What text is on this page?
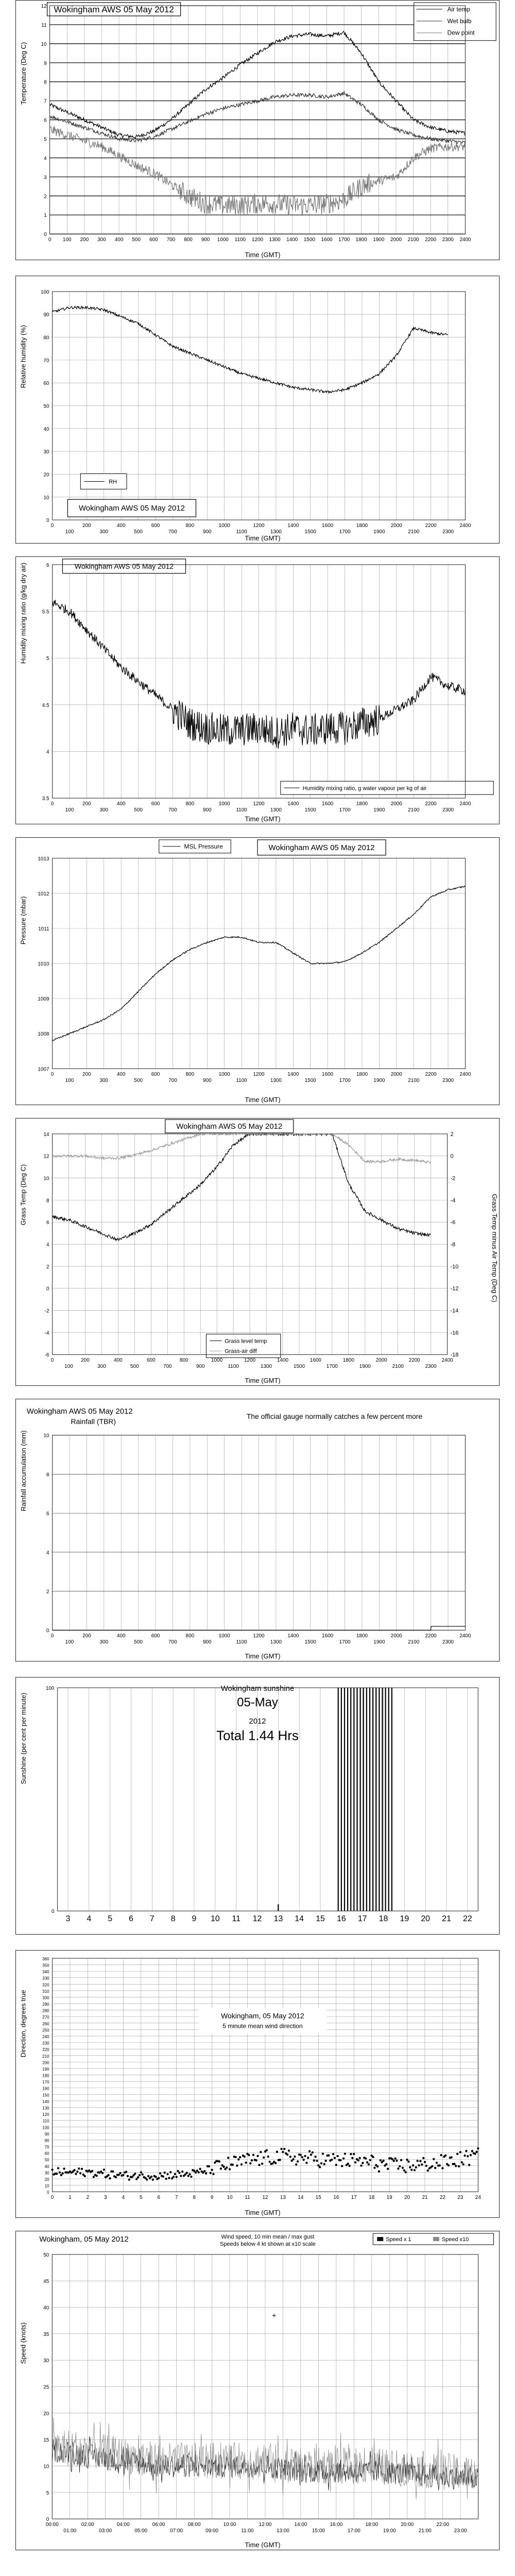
Wokingham AWS 05 May 2012	Air temp
Wet bulb
Dew point
Temperature (Deg C)
Time (GMT)
0 100 200 300 400 500 600 700 800 900 1000 1100 1200 1300 1400 1500 1600 1700 1800 1900 2000 2100 2200 2300 2400
0
1
2
3
4
5
6
7
8
9
10
11
12
Wokingham AWS 05 May 2012
RH
Relative humidity (%)
Time (GMT)
0
100
200
300
400
500
600
700
800
900
1000
1100
1200
1300
1400
1500
1600
1700
1800
1900
2000
2100
2200
2300
2400
0
10
20
30
40
50
60
70
80
90
100
Wokingham AWS 05 May 2012
Humidity mixing ratio, g water vapour per kg of air
Humidity mixing ratio (g/kg dry air)
Time (GMT)
0
100
200
300
400
500
600
700
800
900
1000
1100
1200
1300
1400
1500
1600
1700
1800
1900
2000
2100
2200
2300
2400
3.5
4
4.5
5
5.5
6
MSL Pressure	Wokingham AWS 05 May 2012
Pressure (mbar)
Time (GMT)
0
100
200
300
400
500
600
700
800
900
1000
1100
1200
1300
1400
1500
1600
1700
1800
1900
2000
2100
2200
2300
2400
1007
1008
1009
1010
1011
1012
1013
Wokingham AWS 05 May 2012
Grass level temp
Grass-air diff
Grass Temp (Deg C)	Grass Temp minus Air Temp (Deg C)
Time (GMT)
0
100
200
300
400
500
600
700
800
900
1000
1100
1200
1300
1400
1500
1600
1700
1800
1900
2000
2100
2200
2300
2400
-6
-4
-2
0
2
4
6
8
10
12
14
-18
-16
-14
-12
-10
-8
-6
-4
-2
0
2
Wokingham AWS 05 May 2012
Rainfall (TBR)
The official gauge normally catches a few percent more
Rainfall accumulation (mm)
Time (GMT)
0
100
200
300
400
500
600
700
800
900
1000
1100
1200
1300
1400
1500
1600
1700
1800
1900
2000
2100
2200
2300
2400
0
2
4
6
8
10
Wokingham sunshine
05-May
2012
Total 1.44 Hrs
Sunshine (per cent per minute)
3 4 5 6 7 8 9 10 11 12 13 14 15 16 17 18 19 20 21 22
0
100
Direction, degrees true
Time (GMT)
0	1	2	3	4	5	6	7	8	9	10 11 12 13 14 15 16 17 18 19 20 21 22 23 24
0
10
20
30
40
50
60
70
80
90
100
110
120
130
140
150
160
170
180
190
200
210
220
230
240
250
260
270
280
290
300
310
320
330
340
350
360
Wokingham, 05 May 2012
5 minute mean wind direction
Wokingham, 05 May 2012	Wind speed, 10 min mean / max gust
Speeds below 4 kt shown at x10 scale
Speed x 1	Speed x10
Speed (knots)
Time (GMT)
00:00
01:00
02:00
03:00
04:00
05:00
06:00
07:00
08:00
09:00
10:00
11:00
12:00
13:00
14:00
15:00
16:00
17:00
18:00
19:00
20:00
21:00
22:00
23:00
0
5
10
15
20
25
30
35
40
45
50
+
